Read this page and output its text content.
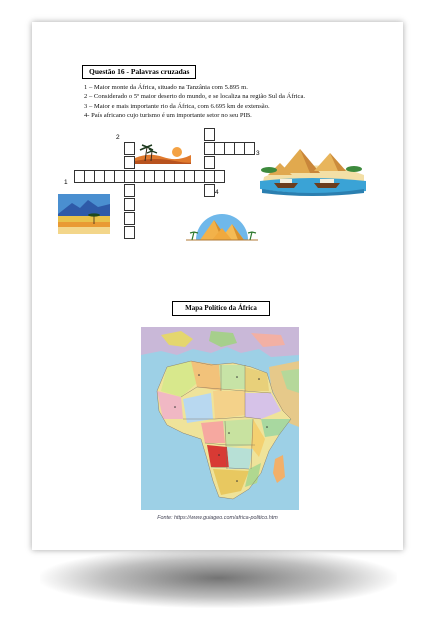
Questão 16 - Palavras cruzadas
1 – Maior monte da África, situado na Tanzânia com 5.895 m.
2 – Considerado o 5º maior deserto do mundo, e se localiza na região Sul da África.
3 – Maior e mais importante rio da África, com 6.695 km de extensão.
4- País africano cujo turismo é um importante setor no seu PIB.
1
2
3
4
Mapa Político da África
Fonte: https://www.guiageo.com/africa-politico.htm
